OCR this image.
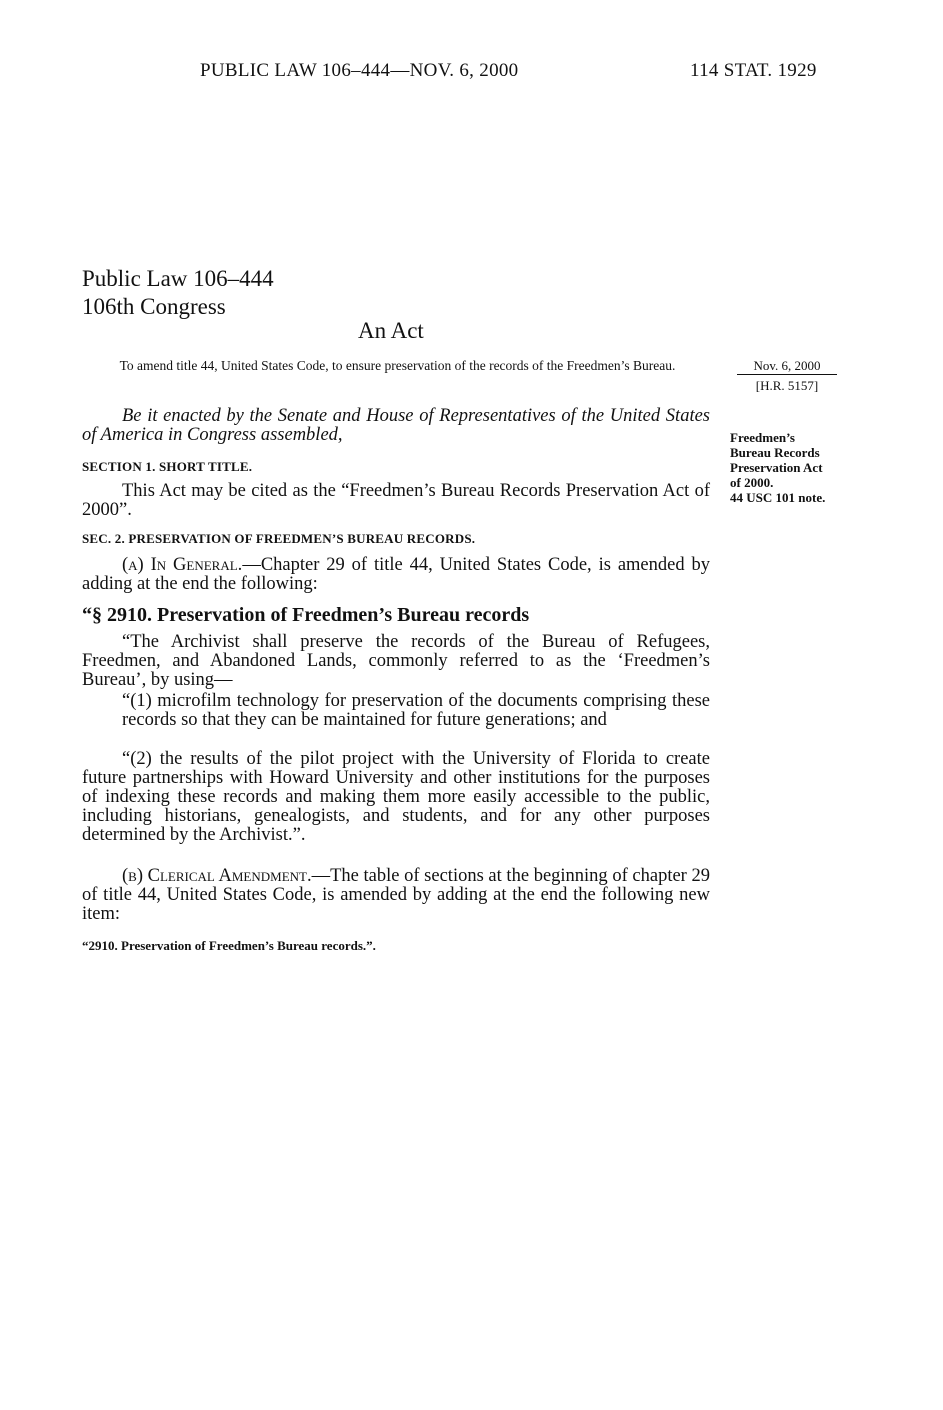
PUBLIC LAW 106–444—NOV. 6, 2000	114 STAT. 1929
Public Law 106–444
106th Congress
An Act
To amend title 44, United States Code, to ensure preservation of the records of the Freedmen’s Bureau.	Nov. 6, 2000
[H.R. 5157]
Freedmen’s
Bureau Records
Preservation Act
of 2000.
44 USC 101 note.

Be it enacted by the Senate and House of Representatives of the United States of America in Congress assembled,

SECTION 1. SHORT TITLE.

This Act may be cited as the “Freedmen’s Bureau Records Preservation Act of 2000”.

SEC. 2. PRESERVATION OF FREEDMEN’S BUREAU RECORDS.

(a) In General.—Chapter 29 of title 44, United States Code, is amended by adding at the end the following:

“§ 2910. Preservation of Freedmen’s Bureau records

“The Archivist shall preserve the records of the Bureau of Refugees, Freedmen, and Abandoned Lands, commonly referred to as the ‘Freedmen’s Bureau’, by using—

“(1) microfilm technology for preservation of the documents comprising these records so that they can be maintained for future generations; and

“(2) the results of the pilot project with the University of Florida to create future partnerships with Howard University and other institutions for the purposes of indexing these records and making them more easily accessible to the public, including historians, genealogists, and students, and for any other purposes determined by the Archivist.”.

(b) Clerical Amendment.—The table of sections at the beginning of chapter 29 of title 44, United States Code, is amended by adding at the end the following new item:

“2910. Preservation of Freedmen’s Bureau records.”.
